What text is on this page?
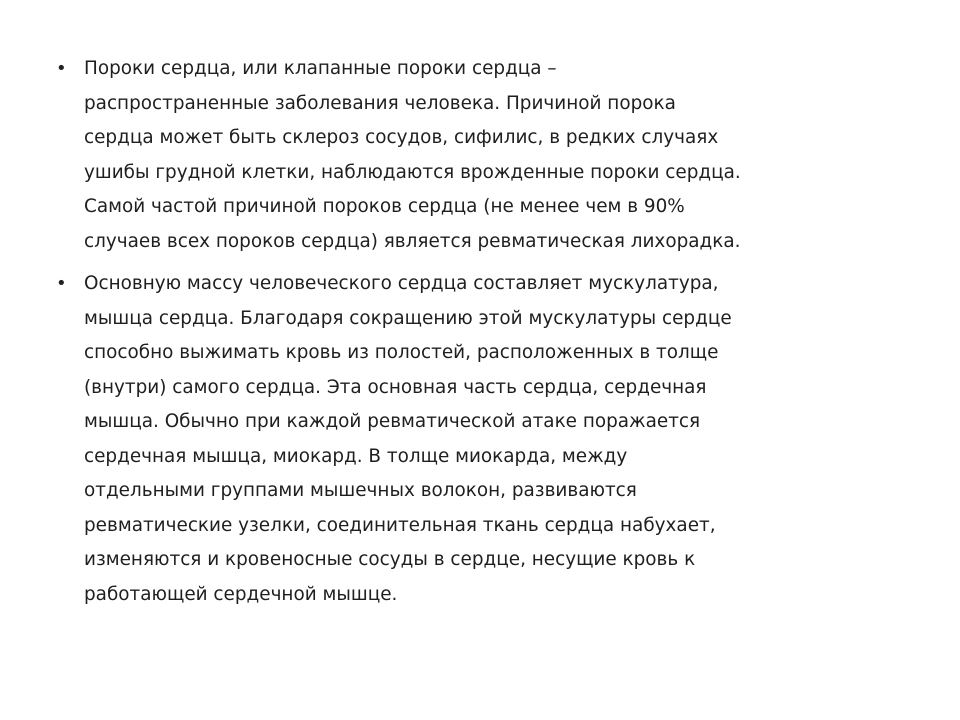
• Пороки сердца, или клапанные пороки сердца –
распространенные заболевания человека. Причиной порока
сердца может быть склероз сосудов, сифилис, в редких случаях
ушибы грудной клетки, наблюдаются врожденные пороки сердца.
Самой частой причиной пороков сердца (не менее чем в 90%
случаев всех пороков сердца) является ревматическая лихорадка.
• Основную массу человеческого сердца составляет мускулатура,
мышца сердца. Благодаря сокращению этой мускулатуры сердце
способно выжимать кровь из полостей, расположенных в толще
(внутри) самого сердца. Эта основная часть сердца, сердечная
мышца. Обычно при каждой ревматической атаке поражается
сердечная мышца, миокард. В толще миокарда, между
отдельными группами мышечных волокон, развиваются
ревматические узелки, соединительная ткань сердца набухает,
изменяются и кровеносные сосуды в сердце, несущие кровь к
работающей сердечной мышце.
